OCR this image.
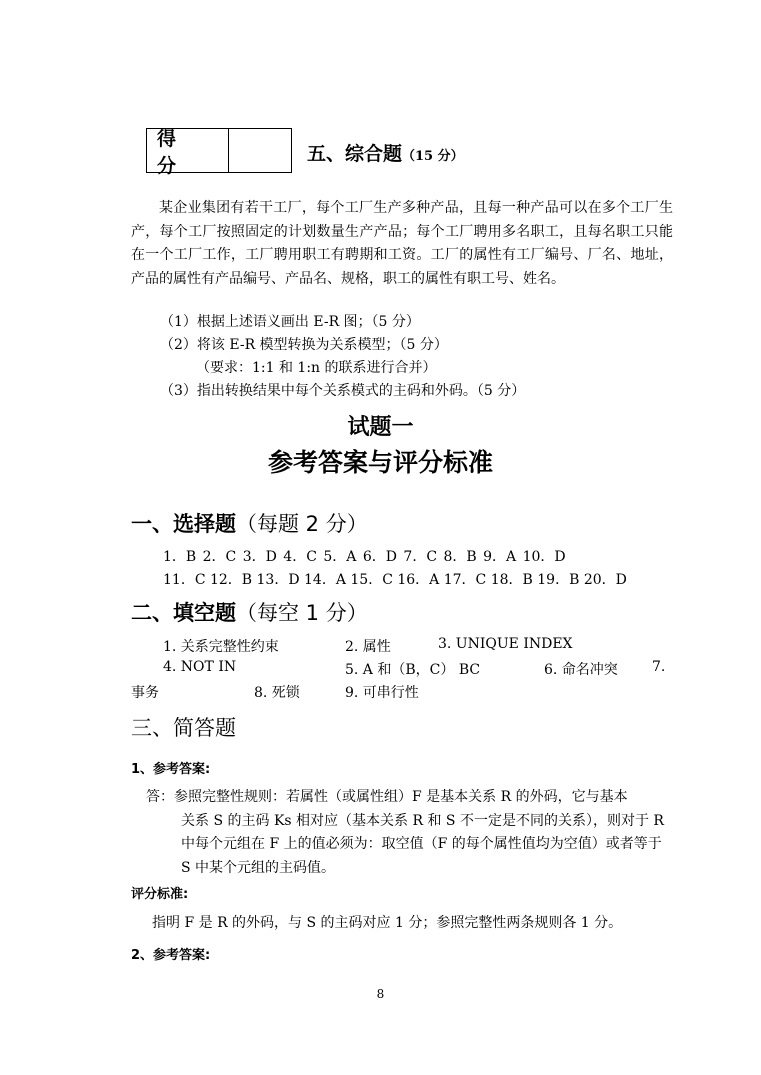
得 分
五、综合题（15 分）
某企业集团有若干工厂，每个工厂生产多种产品，且每一种产品可以在多个工厂生产，每个工厂按照固定的计划数量生产产品；每个工厂聘用多名职工，且每名职工只能在一个工厂工作，工厂聘用职工有聘期和工资。工厂的属性有工厂编号、厂名、地址，产品的属性有产品编号、产品名、规格，职工的属性有职工号、姓名。
（1）根据上述语义画出 E-R 图；（5 分）
（2）将该 E-R 模型转换为关系模型；（5 分）
（要求：1:1 和 1:n 的联系进行合并）
（3）指出转换结果中每个关系模式的主码和外码。（5 分）
试题一
参考答案与评分标准
一、选择题（每题 2 分）
1．B 2．C 3．D 4．C 5．A 6．D 7．C 8．B 9．A 10．D
11．C 12．B 13．D 14．A 15．C 16．A 17．C 18．B 19．B 20．D
二、填空题（每空 1 分）
1. 关系完整性约束	2. 属性	3. UNIQUE INDEX
4. NOT IN	5. A 和（B，C） BC	6. 命名冲突 7.
事务	8. 死锁	9. 可串行性
三、简答题
1、参考答案:
答：参照完整性规则：若属性（或属性组）F 是基本关系 R 的外码，它与基本
关系 S 的主码 Ks 相对应（基本关系 R 和 S 不一定是不同的关系），则对于 R 中每个元组在 F 上的值必须为：取空值（F 的每个属性值均为空值）或者等于 S 中某个元组的主码值。
评分标准:
指明 F 是 R 的外码，与 S 的主码对应 1 分；参照完整性两条规则各 1 分。
2、参考答案:
8
